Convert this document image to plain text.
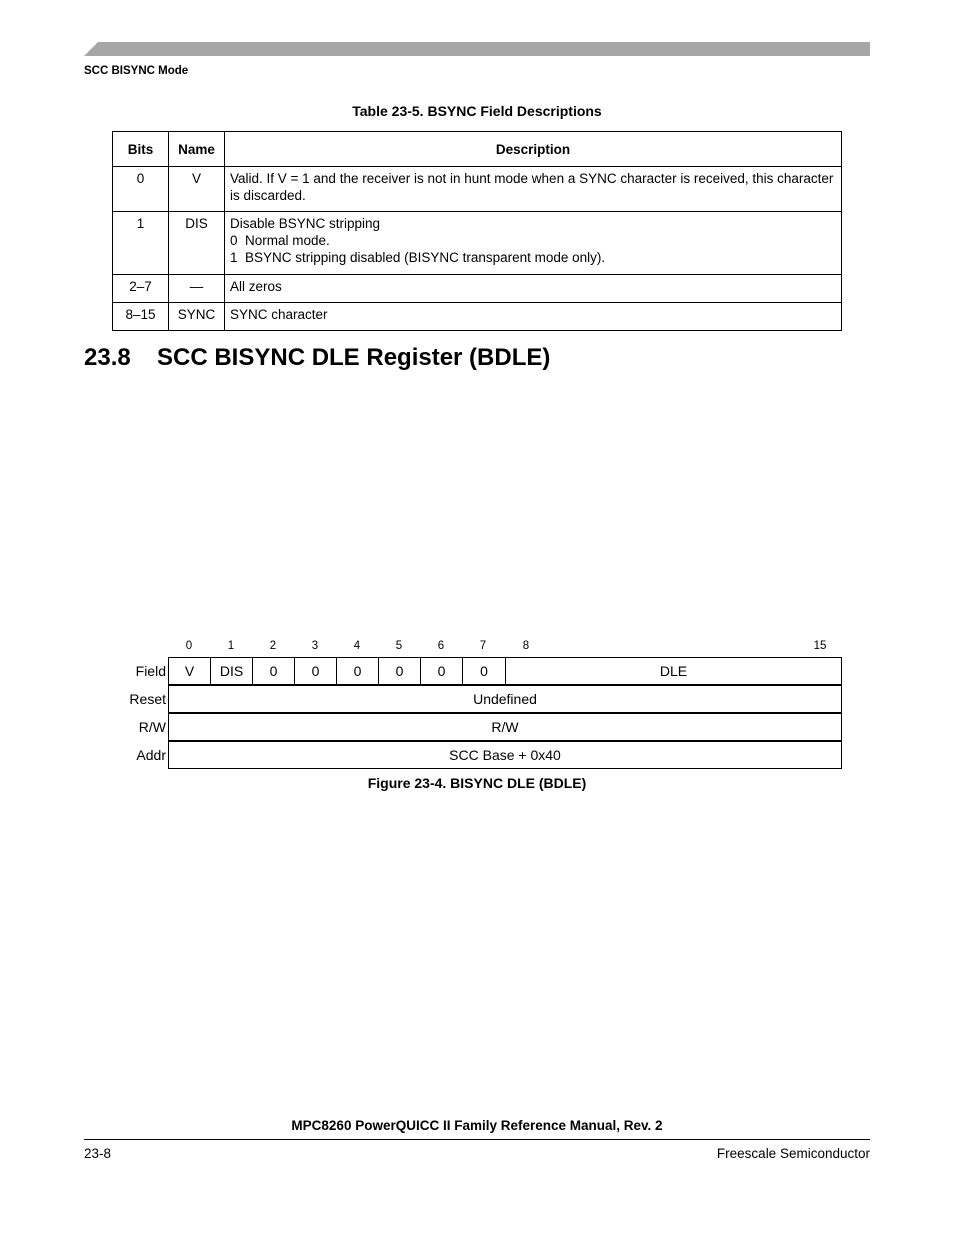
SCC BISYNC Mode
Table 23-5. BSYNC Field Descriptions
Bits	Name	Description
0	V	Valid. If V = 1 and the receiver is not in hunt mode when a SYNC character is received, this character is discarded.

1	DIS	Disable BSYNC stripping
0  Normal mode.
1  BSYNC stripping disabled (BISYNC transparent mode only).

2–7	—	All zeros

8–15	SYNC	SYNC character
23.8 SCC BISYNC DLE Register (BDLE)
0	1	2	3	4	5	6	7	8	15
Field	V	DIS	0	0	0	0	0	0	DLE
Reset	Undefined
R/W	R/W
Addr	SCC Base + 0x40
Figure 23-4. BISYNC DLE (BDLE)
MPC8260 PowerQUICC II Family Reference Manual, Rev. 2
23-8	Freescale Semiconductor
